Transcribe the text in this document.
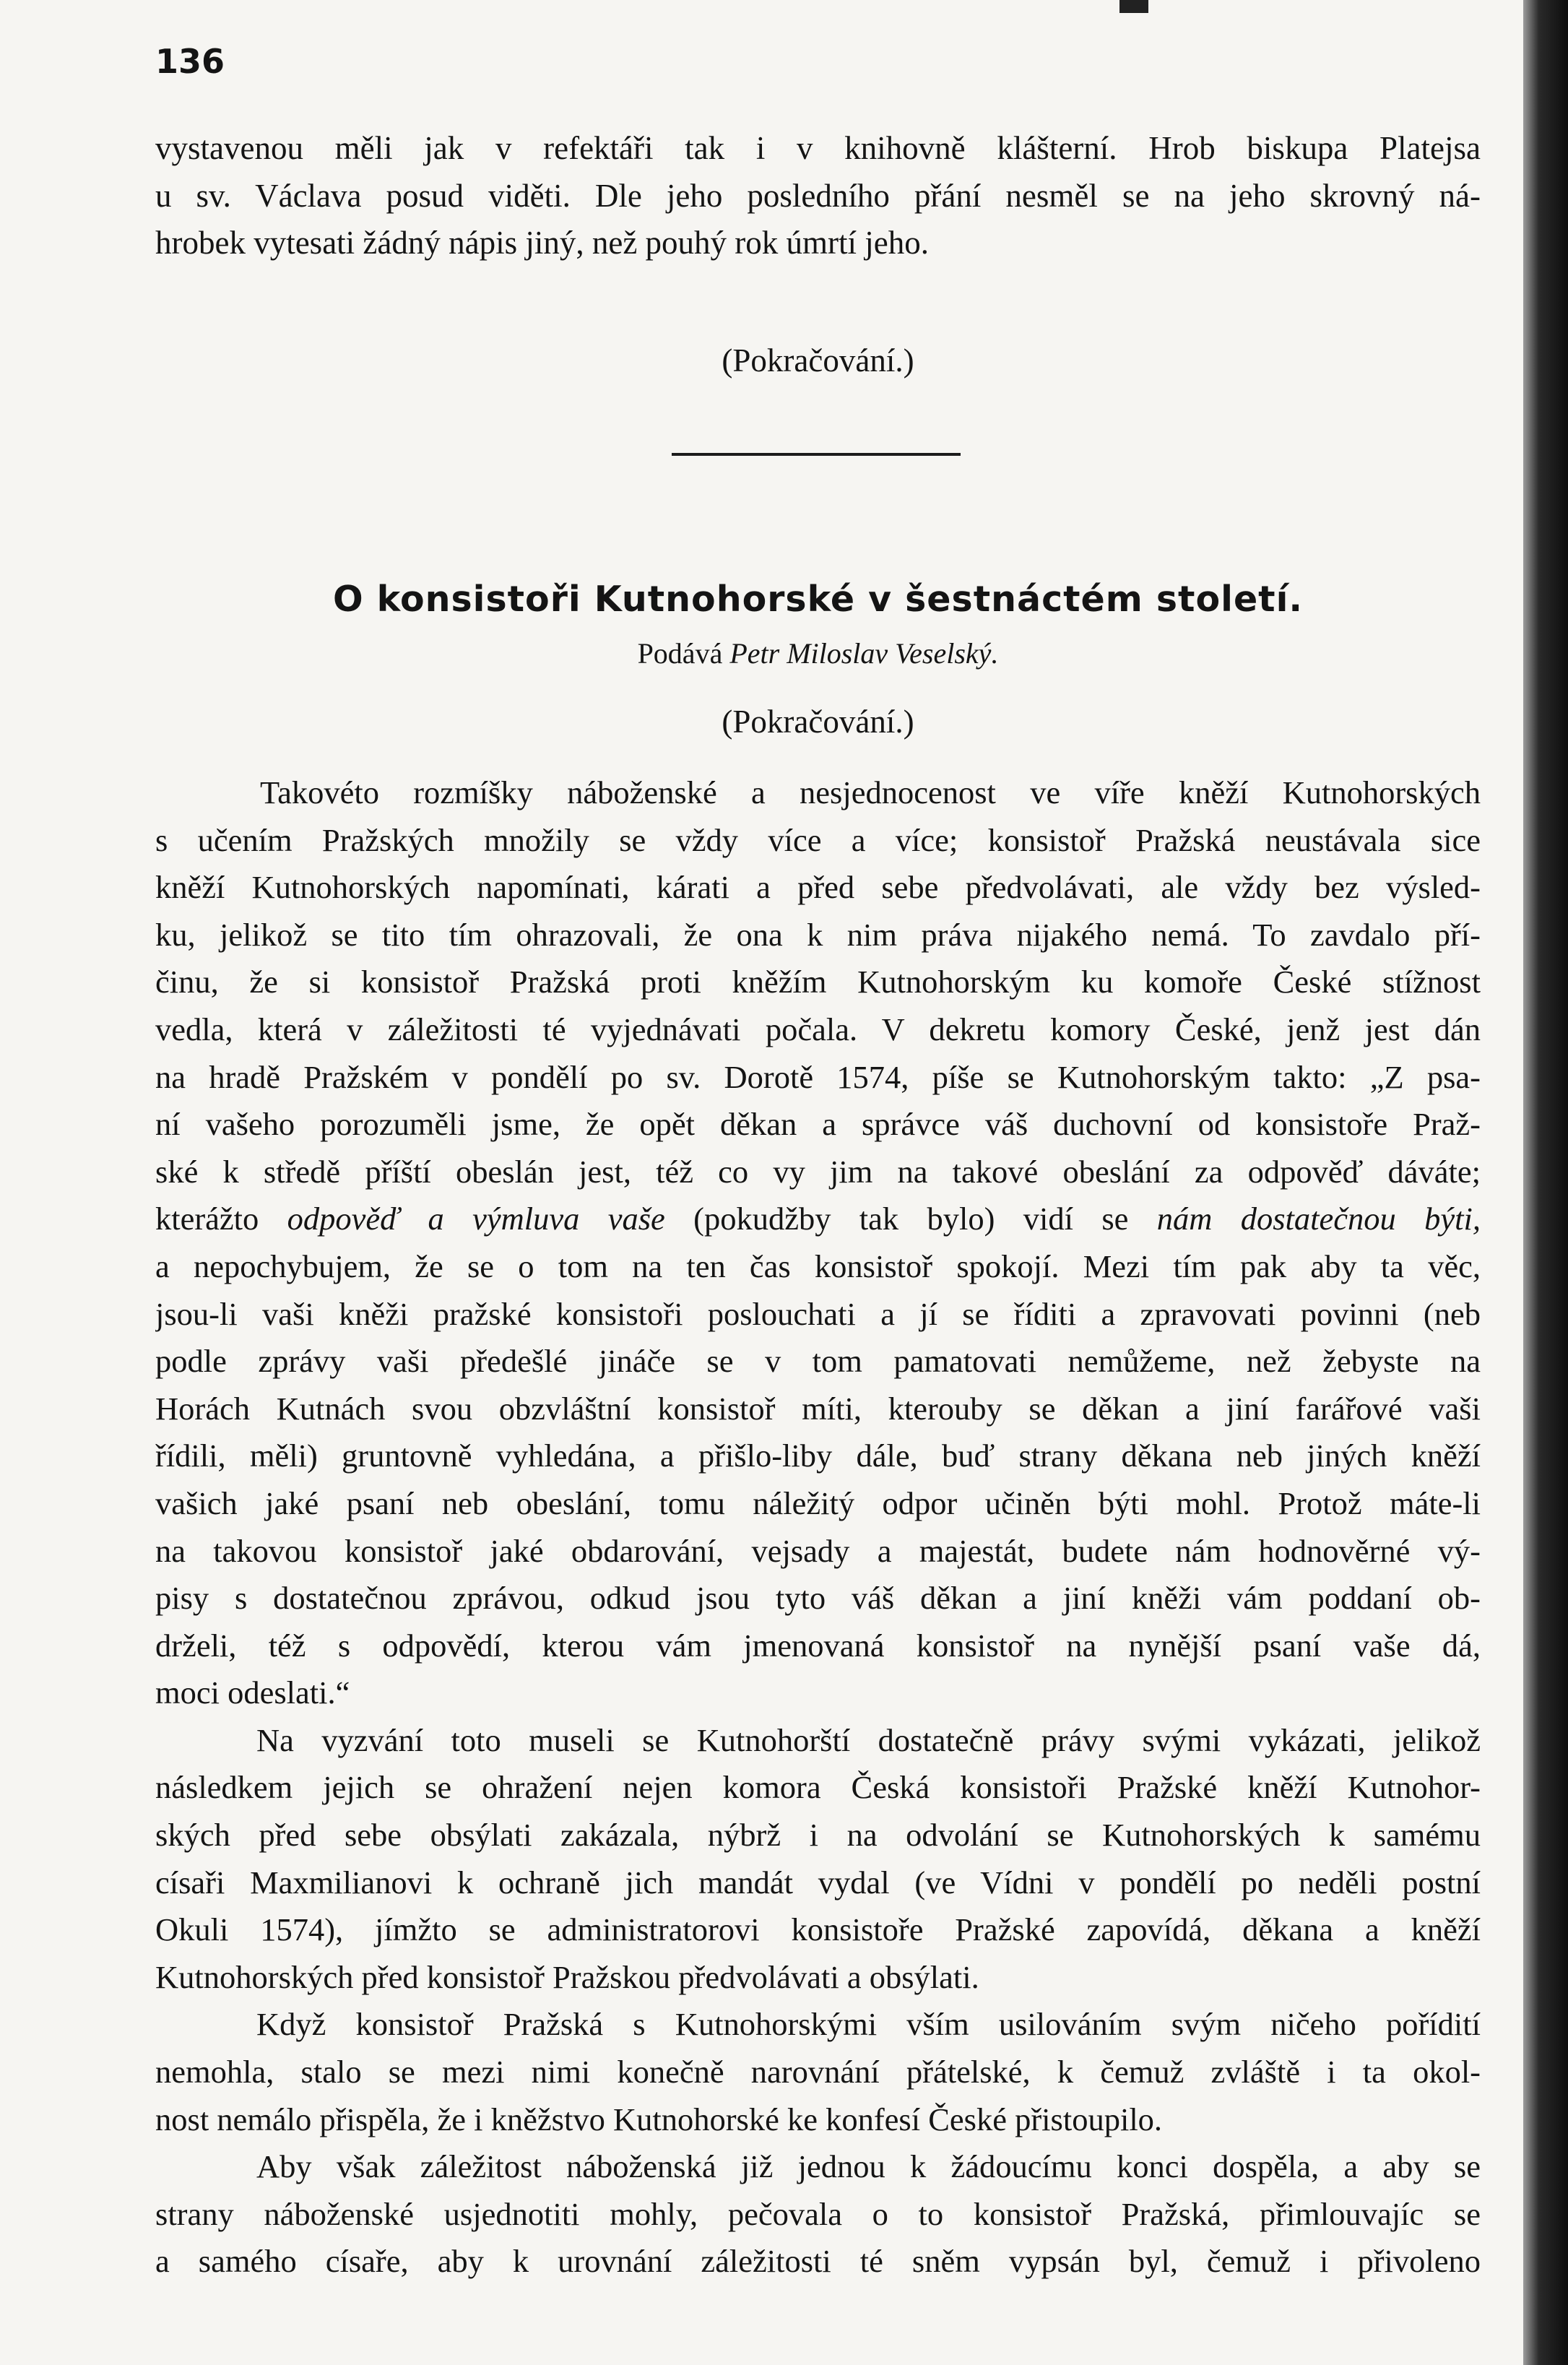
136
vystavenou měli jak v refektáři tak i v knihovně klášterní. Hrob biskupa Platejsa
u sv. Václava posud viděti. Dle jeho posledního přání nesměl se na jeho skrovný ná-
hrobek vytesati žádný nápis jiný, než pouhý rok úmrtí jeho.
(Pokračování.)
O konsistoři Kutnohorské v šestnáctém století.
Podává Petr Miloslav Veselský.
(Pokračování.)
Takovéto rozmíšky náboženské a nesjednocenost ve víře kněží Kutnohorských
s učením Pražských množily se vždy více a více; konsistoř Pražská neustávala sice
kněží Kutnohorských napomínati, kárati a před sebe předvolávati, ale vždy bez výsled-
ku, jelikož se tito tím ohrazovali, že ona k nim práva nijakého nemá. To zavdalo pří-
činu, že si konsistoř Pražská proti kněžím Kutnohorským ku komoře České stížnost
vedla, která v záležitosti té vyjednávati počala. V dekretu komory České, jenž jest dán
na hradě Pražském v pondělí po sv. Dorotě 1574, píše se Kutnohorským takto: „Z psa-
ní vašeho porozuměli jsme, že opět děkan a správce váš duchovní od konsistoře Praž-
ské k středě příští obeslán jest, též co vy jim na takové obeslání za odpověď dáváte;
kterážto odpověď a výmluva vaše (pokudžby tak bylo) vidí se nám dostatečnou býti,
a nepochybujem, že se o tom na ten čas konsistoř spokojí. Mezi tím pak aby ta věc,
jsou-li vaši kněži pražské konsistoři poslouchati a jí se říditi a zpravovati povinni (neb
podle zprávy vaši předešlé jináče se v tom pamatovati nemůžeme, než žebyste na
Horách Kutnách svou obzvláštní konsistoř míti, kterouby se děkan a jiní farářové vaši
řídili, měli) gruntovně vyhledána, a přišlo-liby dále, buď strany děkana neb jiných kněží
vašich jaké psaní neb obeslání, tomu náležitý odpor učiněn býti mohl. Protož máte-li
na takovou konsistoř jaké obdarování, vejsady a majestát, budete nám hodnověrné vý-
pisy s dostatečnou zprávou, odkud jsou tyto váš děkan a jiní kněži vám poddaní ob-
drželi, též s odpovědí, kterou vám jmenovaná konsistoř na nynější psaní vaše dá,
moci odeslati.“
Na vyzvání toto museli se Kutnohorští dostatečně právy svými vykázati, jelikož
následkem jejich se ohražení nejen komora Česká konsistoři Pražské kněží Kutnohor-
ských před sebe obsýlati zakázala, nýbrž i na odvolání se Kutnohorských k samému
císaři Maxmilianovi k ochraně jich mandát vydal (ve Vídni v pondělí po neděli postní
Okuli 1574), jímžto se administratorovi konsistoře Pražské zapovídá, děkana a kněží
Kutnohorských před konsistoř Pražskou předvolávati a obsýlati.
Když konsistoř Pražská s Kutnohorskými vším usilováním svým ničeho pořídití
nemohla, stalo se mezi nimi konečně narovnání přátelské, k čemuž zvláště i ta okol-
nost nemálo přispěla, že i kněžstvo Kutnohorské ke konfesí České přistoupilo.
Aby však záležitost náboženská již jednou k žádoucímu konci dospěla, a aby se
strany náboženské usjednotiti mohly, pečovala o to konsistoř Pražská, přimlouvajíc se
a samého císaře, aby k urovnání záležitosti té sněm vypsán byl, čemuž i přivoleno
